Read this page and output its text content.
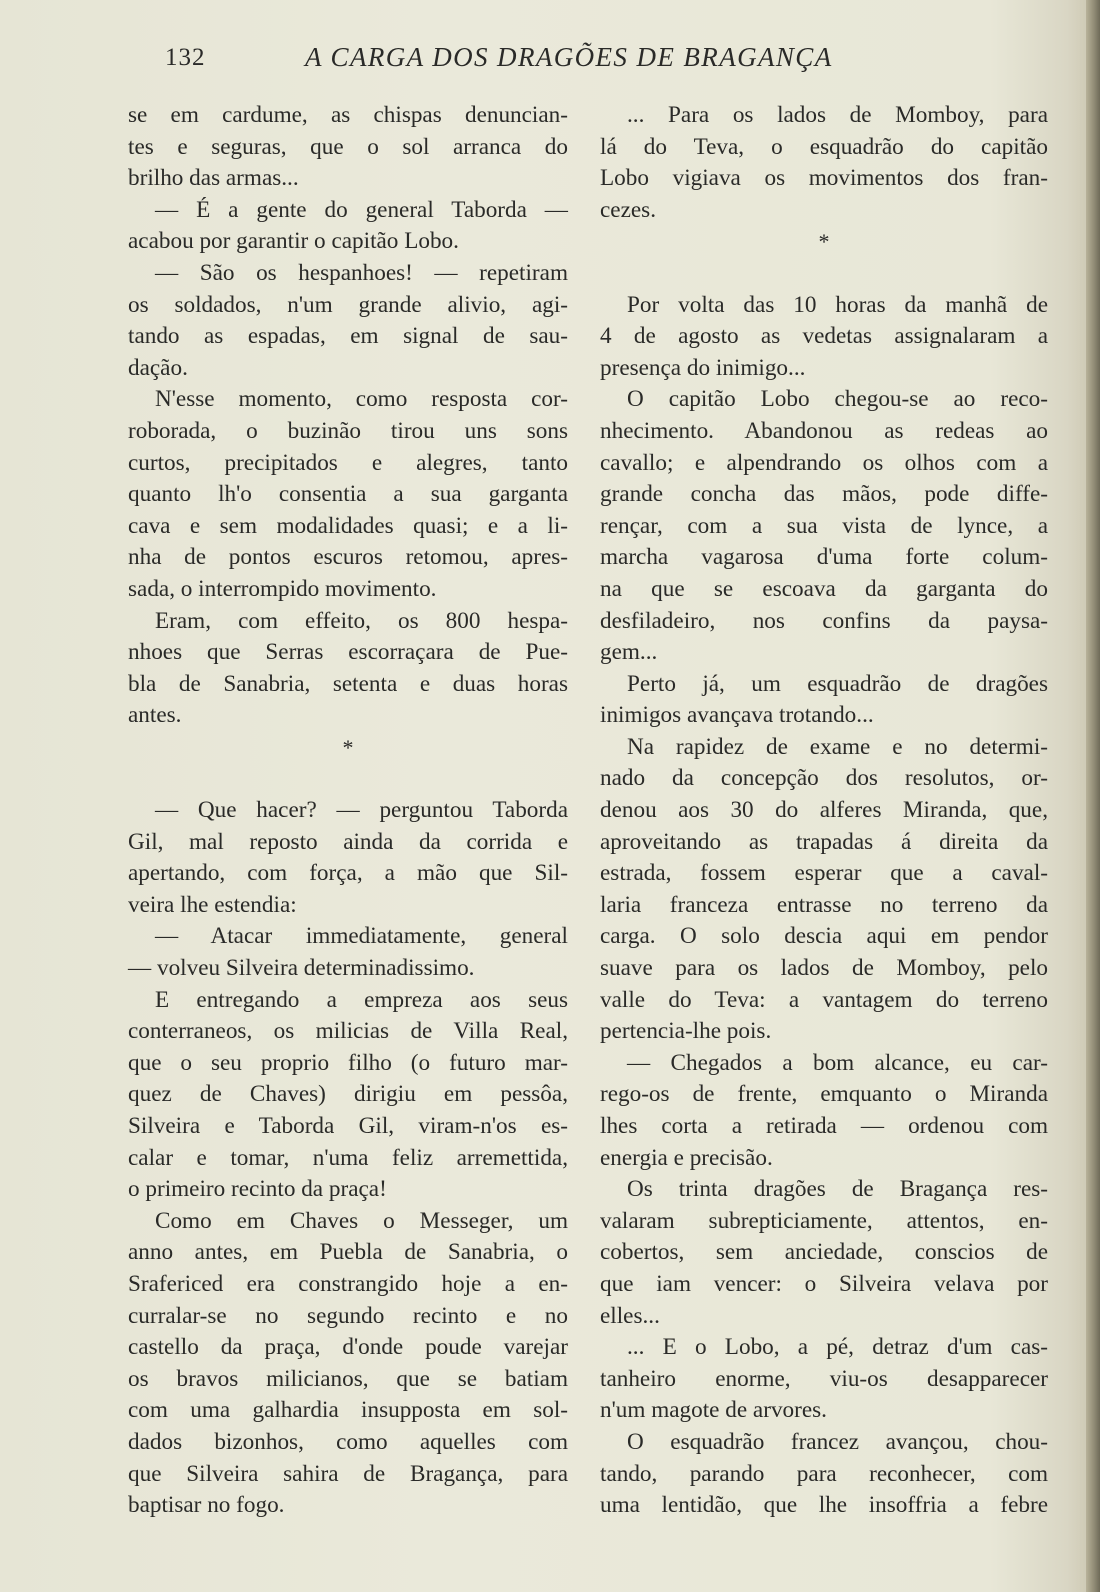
132	A CARGA DOS DRAGÕES DE BRAGANÇA
se em cardume, as chispas denuncian-
tes e seguras, que o sol arranca do
brilho das armas...
— É a gente do general Taborda —
acabou por garantir o capitão Lobo.
— São os hespanhoes! — repetiram
os soldados, n'um grande alivio, agi-
tando as espadas, em signal de sau-
dação.
N'esse momento, como resposta cor-
roborada, o buzinão tirou uns sons
curtos, precipitados e alegres, tanto
quanto lh'o consentia a sua garganta
cava e sem modalidades quasi; e a li-
nha de pontos escuros retomou, apres-
sada, o interrompido movimento.
Eram, com effeito, os 800 hespa-
nhoes que Serras escorraçara de Pue-
bla de Sanabria, setenta e duas horas
antes.
*
— Que hacer? — perguntou Taborda
Gil, mal reposto ainda da corrida e
apertando, com força, a mão que Sil-
veira lhe estendia:
— Atacar immediatamente, general
— volveu Silveira determinadissimo.
E entregando a empreza aos seus
conterraneos, os milicias de Villa Real,
que o seu proprio filho (o futuro mar-
quez de Chaves) dirigiu em pessôa,
Silveira e Taborda Gil, viram-n'os es-
calar e tomar, n'uma feliz arremettida,
o primeiro recinto da praça!
Como em Chaves o Messeger, um
anno antes, em Puebla de Sanabria, o
Srafericed era constrangido hoje a en-
curralar-se no segundo recinto e no
castello da praça, d'onde poude varejar
os bravos milicianos, que se batiam
com uma galhardia insupposta em sol-
dados bizonhos, como aquelles com
que Silveira sahira de Bragança, para
baptisar no fogo.
... Para os lados de Momboy, para
lá do Teva, o esquadrão do capitão
Lobo vigiava os movimentos dos fran-
cezes.
*
Por volta das 10 horas da manhã de
4 de agosto as vedetas assignalaram a
presença do inimigo...
O capitão Lobo chegou-se ao reco-
nhecimento. Abandonou as redeas ao
cavallo; e alpendrando os olhos com a
grande concha das mãos, pode diffe-
rençar, com a sua vista de lynce, a
marcha vagarosa d'uma forte colum-
na que se escoava da garganta do
desfiladeiro, nos confins da paysa-
gem...
Perto já, um esquadrão de dragões
inimigos avançava trotando...
Na rapidez de exame e no determi-
nado da concepção dos resolutos, or-
denou aos 30 do alferes Miranda, que,
aproveitando as trapadas á direita da
estrada, fossem esperar que a caval-
laria franceza entrasse no terreno da
carga. O solo descia aqui em pendor
suave para os lados de Momboy, pelo
valle do Teva: a vantagem do terreno
pertencia-lhe pois.
— Chegados a bom alcance, eu car-
rego-os de frente, emquanto o Miranda
lhes corta a retirada — ordenou com
energia e precisão.
Os trinta dragões de Bragança res-
valaram subrepticiamente, attentos, en-
cobertos, sem anciedade, conscios de
que iam vencer: o Silveira velava por
elles...
... E o Lobo, a pé, detraz d'um cas-
tanheiro enorme, viu-os desapparecer
n'um magote de arvores.
O esquadrão francez avançou, chou-
tando, parando para reconhecer, com
uma lentidão, que lhe insoffria a febre
